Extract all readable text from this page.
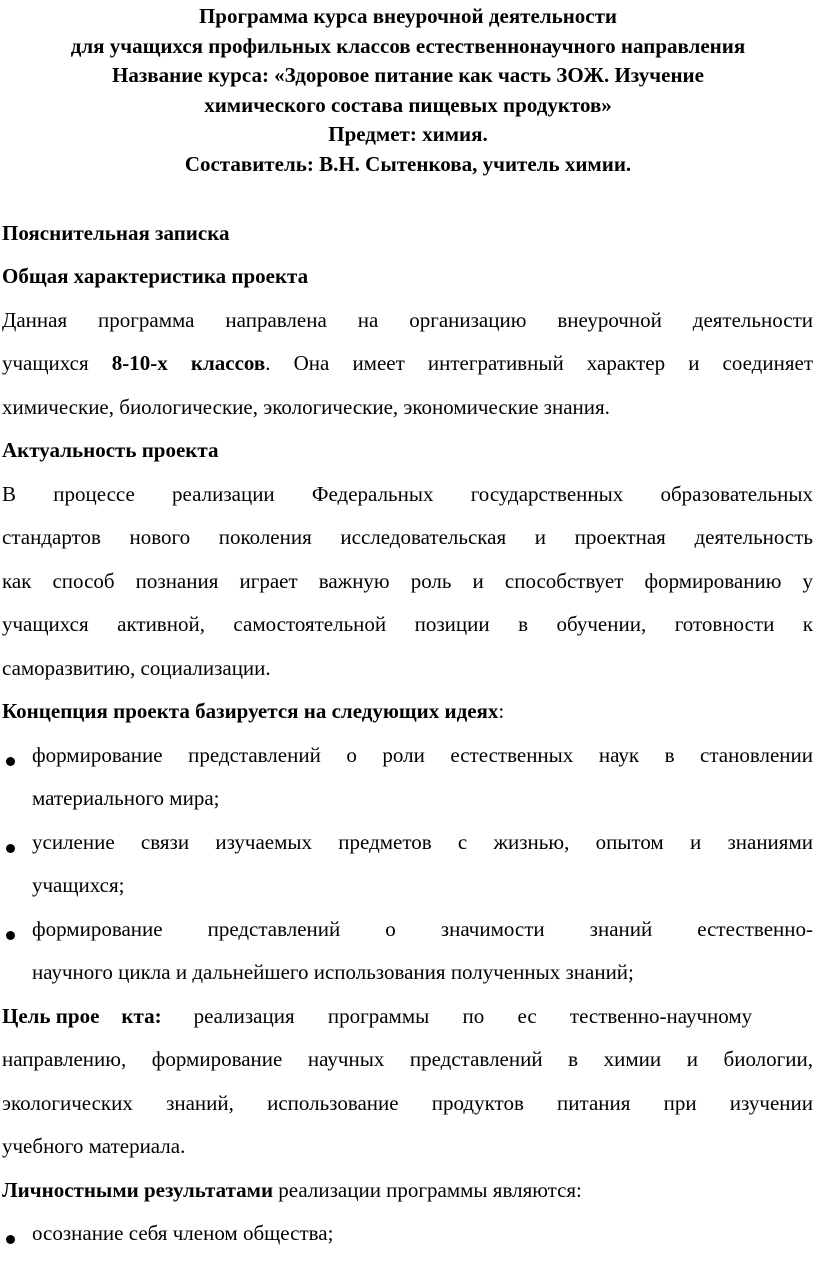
Программа курса внеурочной деятельности
для учащихся профильных классов естественнонаучного направления
Название курса: «Здоровое питание как часть ЗОЖ. Изучение
химического состава пищевых продуктов»
Предмет: химия.
Составитель: В.Н. Сытенкова, учитель химии.
Пояснительная записка
Общая характеристика проекта
Данная программа направлена на организацию внеурочной деятельности
учащихся 8-10-х классов. Она имеет интегративный характер и соединяет
химические, биологические, экологические, экономические знания.
Актуальность проекта
В процессе реализации Федеральных государственных образовательных
стандартов нового поколения исследовательская и проектная деятельность
как способ познания играет важную роль и способствует формированию у
учащихся активной, самостоятельной позиции в обучении, готовности к
саморазвитию, социализации.
Концепция проекта базируется на следующих идеях:
формирование представлений о роли естественных наук в становлении
материального мира;
усиление связи изучаемых предметов с жизнью, опытом и знаниями
учащихся;
формирование представлений о значимости знаний естественно-
научного цикла и дальнейшего использования полученных знаний;
Цель прое кта: реализация программы по ес тественно-научному
направлению, формирование научных представлений в химии и биологии,
экологических знаний, использование продуктов питания при изучении
учебного материала.
Личностными результатами реализации программы являются:
осознание себя членом общества;
